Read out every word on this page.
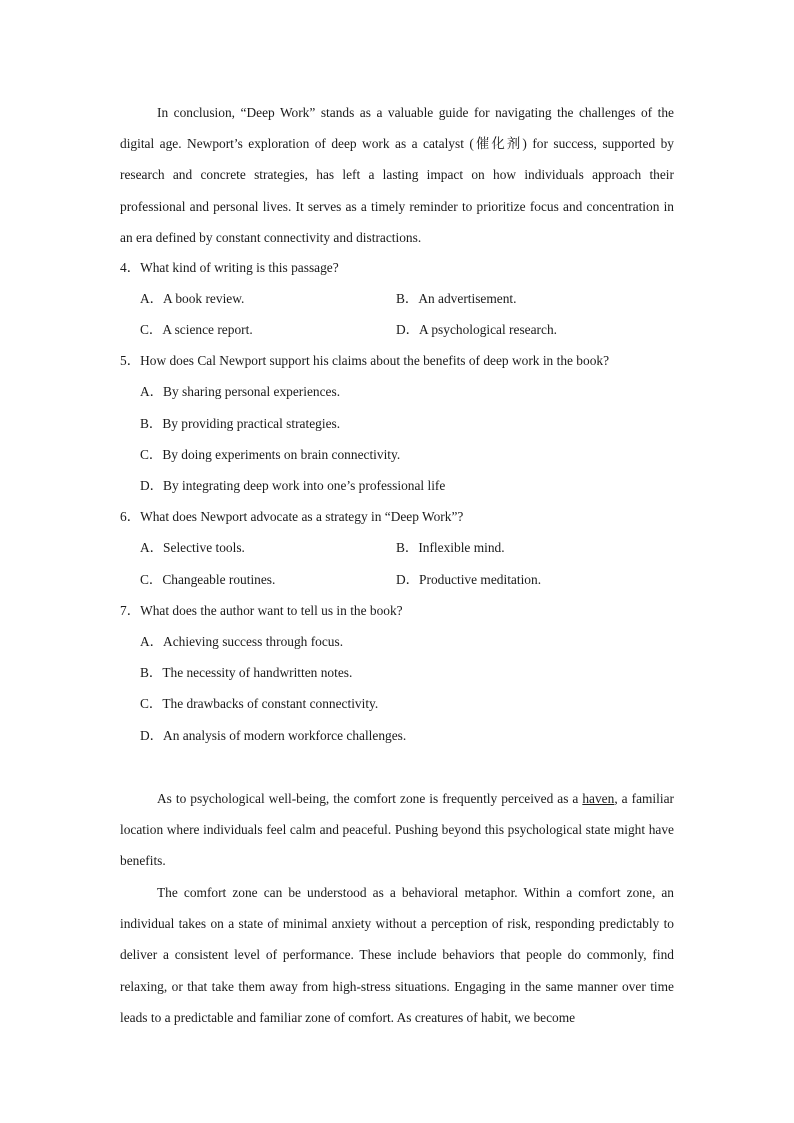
In conclusion, “Deep Work” stands as a valuable guide for navigating the challenges of the digital age. Newport’s exploration of deep work as a catalyst (催化剂) for success, supported by research and concrete strategies, has left a lasting impact on how individuals approach their professional and personal lives. It serves as a timely reminder to prioritize focus and concentration in an era defined by constant connectivity and distractions.

4．What kind of writing is this passage?

A．A book review.	B．An advertisement.

C．A science report.	D．A psychological research.

5．How does Cal Newport support his claims about the benefits of deep work in the book?

A．By sharing personal experiences.

B．By providing practical strategies.

C．By doing experiments on brain connectivity.

D．By integrating deep work into one’s professional life

6．What does Newport advocate as a strategy in “Deep Work”?

A．Selective tools.	B．Inflexible mind.

C．Changeable routines.	D．Productive meditation.

7．What does the author want to tell us in the book?

A．Achieving success through focus.

B．The necessity of handwritten notes.

C．The drawbacks of constant connectivity.

D．An analysis of modern workforce challenges.

As to psychological well-being, the comfort zone is frequently perceived as a haven, a familiar location where individuals feel calm and peaceful. Pushing beyond this psychological state might have benefits.

The comfort zone can be understood as a behavioral metaphor. Within a comfort zone, an individual takes on a state of minimal anxiety without a perception of risk, responding predictably to deliver a consistent level of performance. These include behaviors that people do commonly, find relaxing, or that take them away from high-stress situations. Engaging in the same manner over time leads to a predictable and familiar zone of comfort. As creatures of habit, we become
